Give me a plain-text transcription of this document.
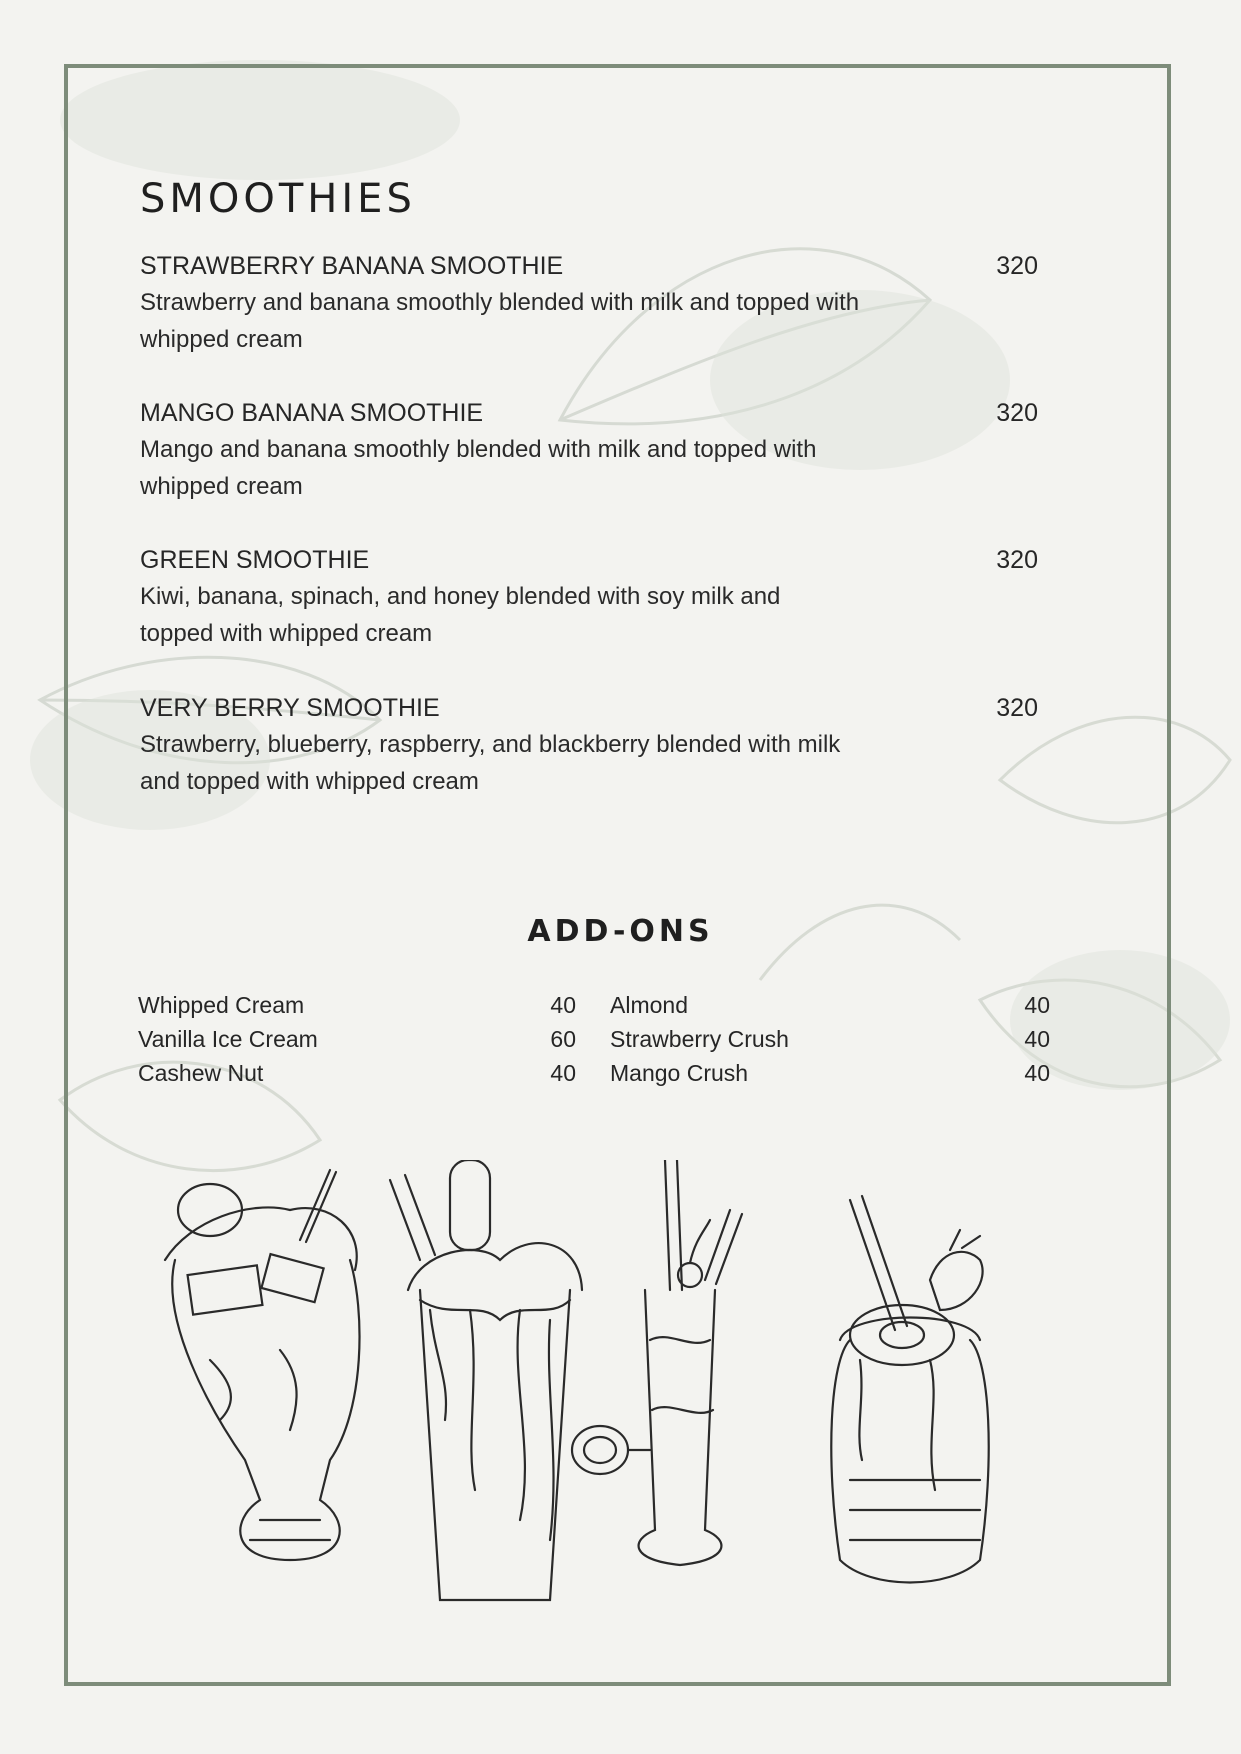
SMOOTHIES
STRAWBERRY BANANA SMOOTHIE	320
Strawberry and banana smoothly blended with milk and topped with whipped cream
MANGO BANANA SMOOTHIE	320
Mango and banana smoothly blended with milk and topped with whipped cream
GREEN SMOOTHIE	320
Kiwi, banana, spinach, and honey blended with soy milk and topped with whipped cream
VERY BERRY SMOOTHIE	320
Strawberry, blueberry, raspberry, and blackberry blended with milk and topped with whipped cream
ADD-ONS
Whipped Cream	40
Vanilla Ice Cream	60
Cashew Nut	40
Almond	40
Strawberry Crush	40
Mango Crush	40
